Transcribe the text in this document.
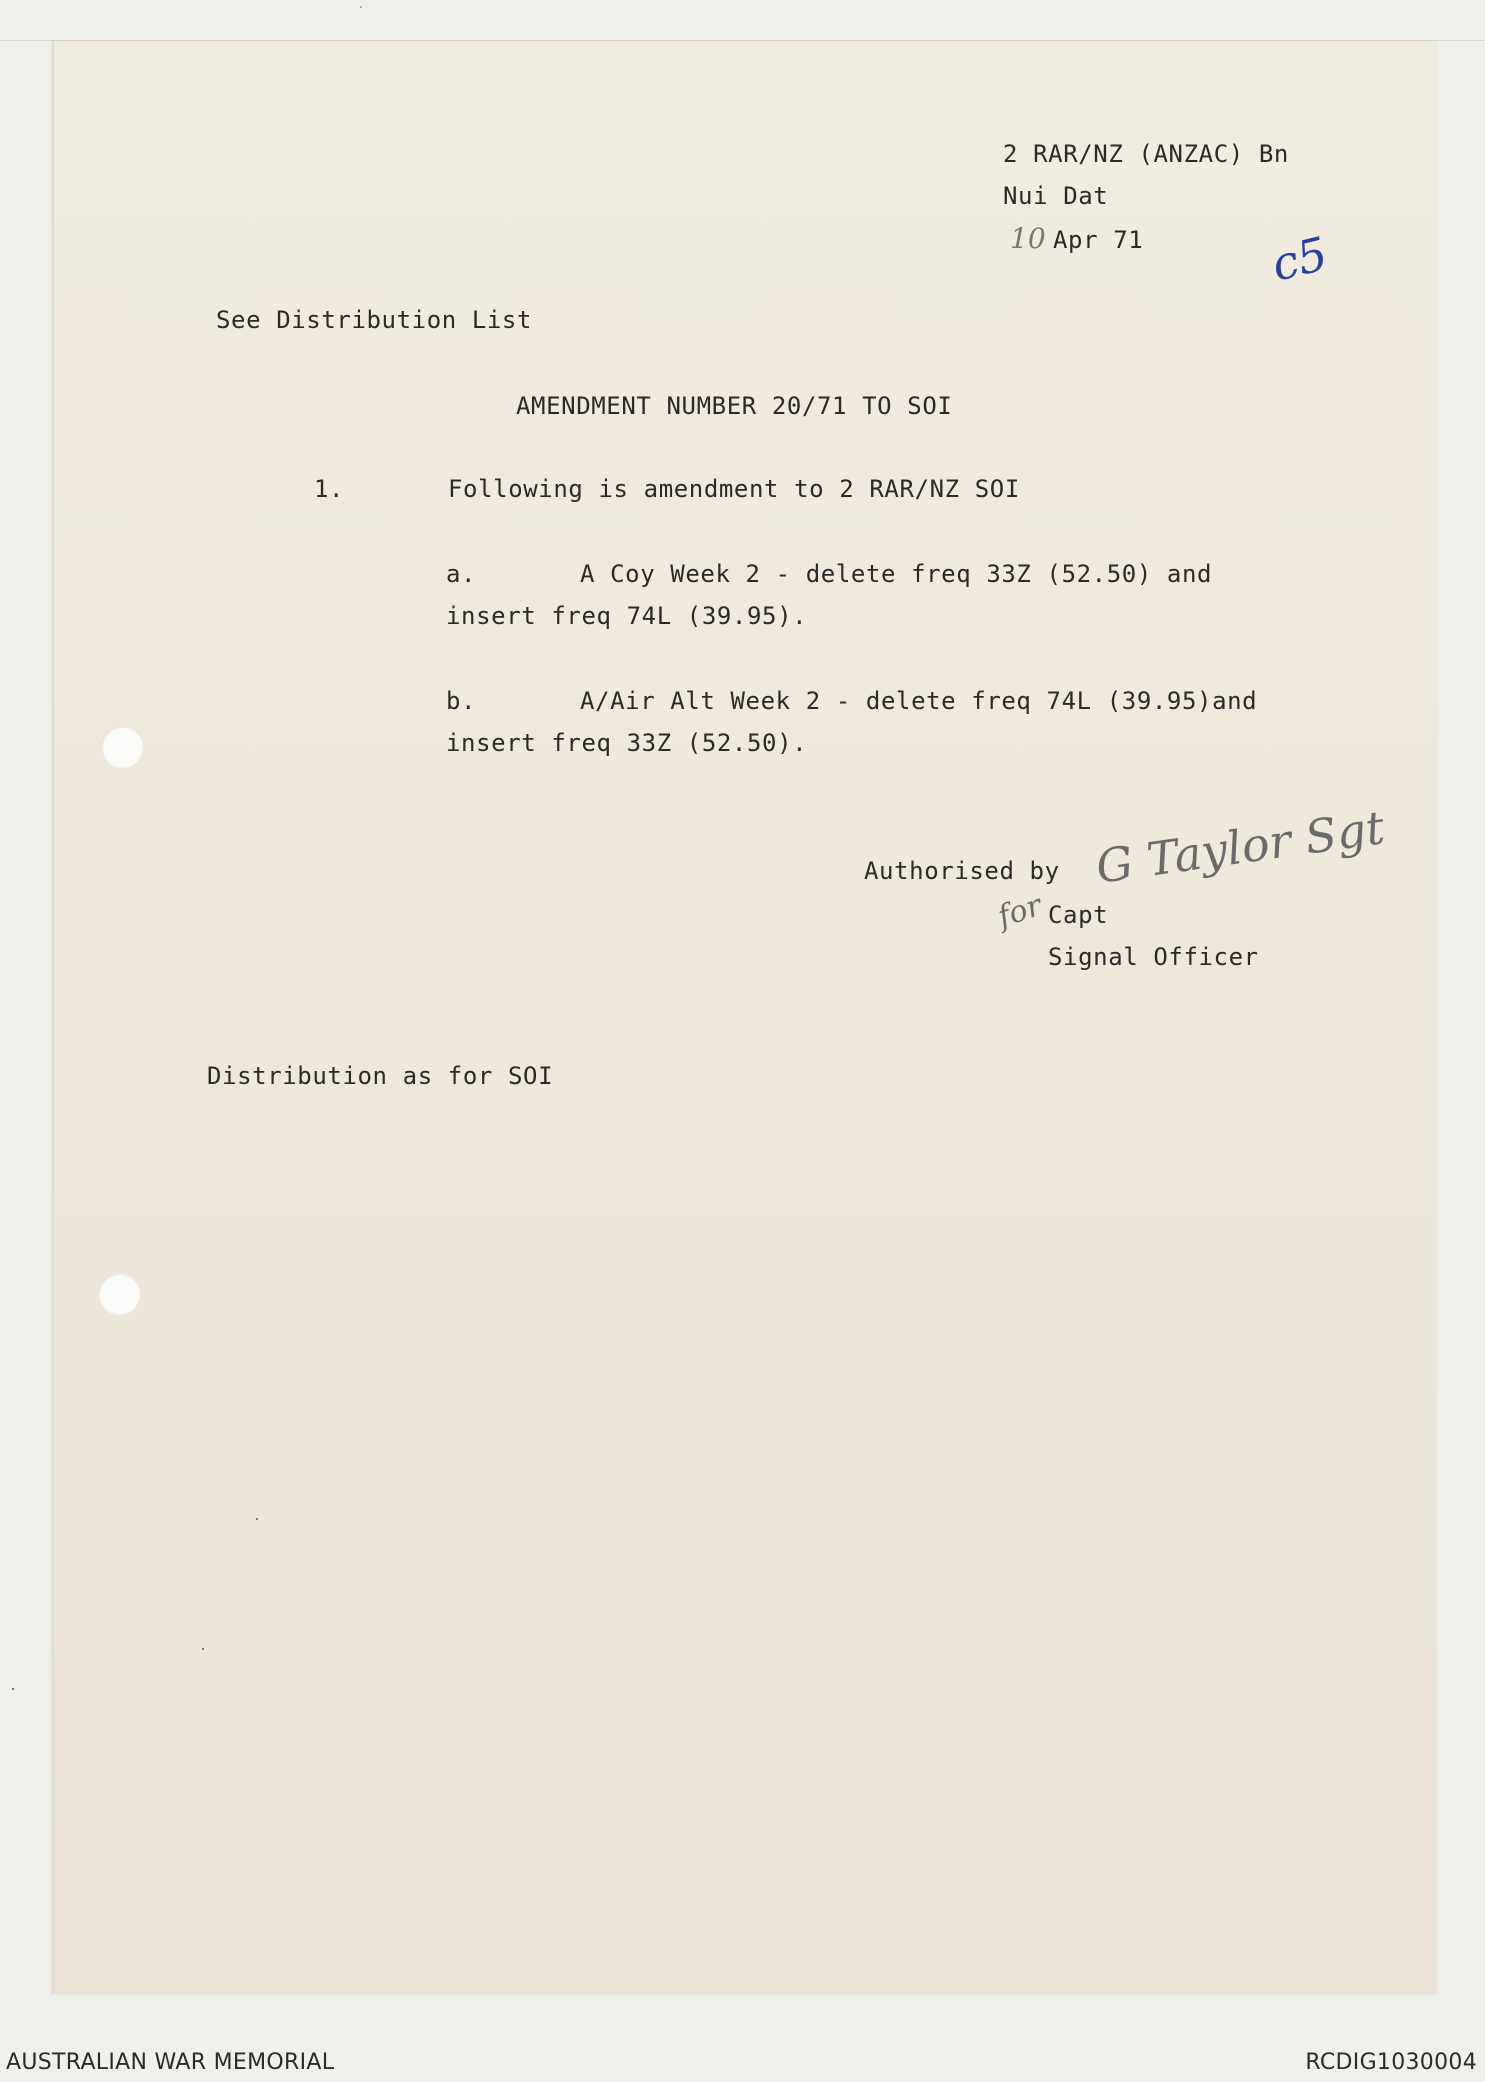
2 RAR/NZ (ANZAC) Bn

Nui Dat

10 Apr 71	c5

See Distribution List

AMENDMENT NUMBER 20/71 TO SOI

1.	Following is amendment to 2 RAR/NZ SOI

a.	A Coy Week 2 - delete freq 33Z (52.50) and

insert freq 74L (39.95).

b.	A/Air Alt Week 2 - delete freq 74L (39.95)and

insert freq 33Z (52.50).

Authorised by G Taylor Sgt

for Capt

Signal Officer

Distribution as for SOI

AUSTRALIAN WAR MEMORIAL	RCDIG1030004
